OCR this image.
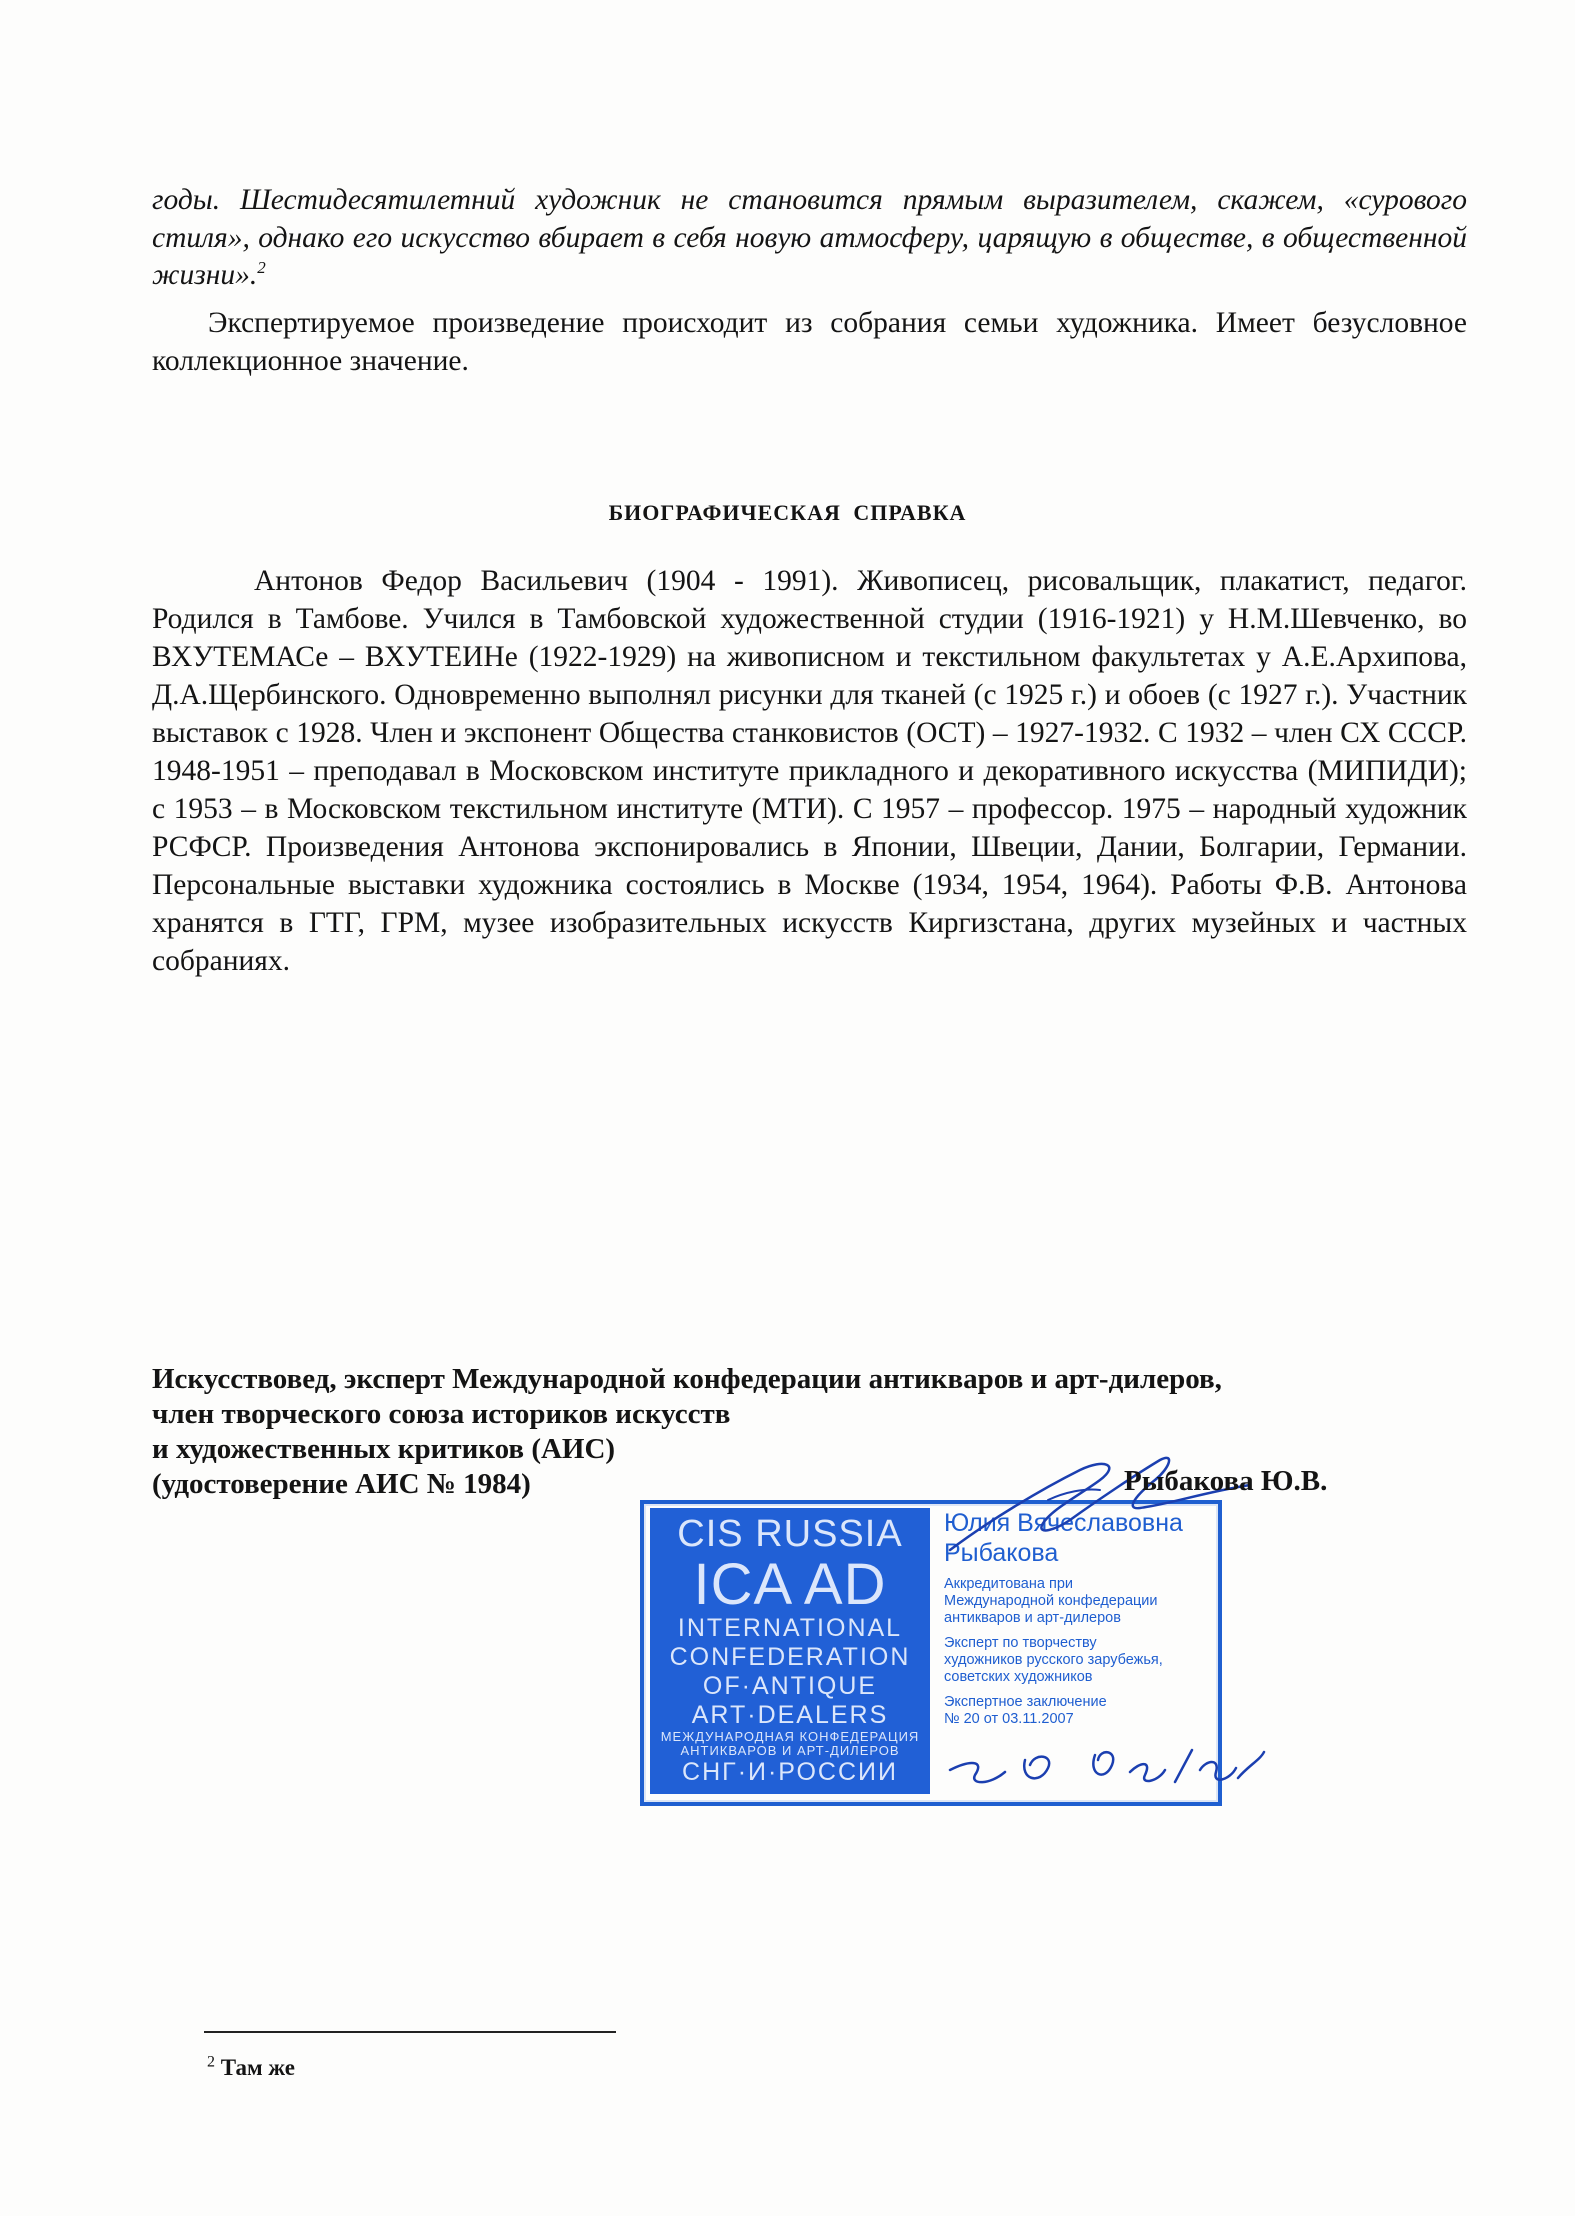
годы. Шестидесятилетний художник не становится прямым выразителем, скажем, «сурового стиля», однако его искусство вбирает в себя новую атмосферу, царящую в обществе, в общественной жизни».$^2$
Экспертируемое произведение происходит из собрания семьи художника. Имеет безусловное коллекционное значение.
БИОГРАФИЧЕСКАЯ СПРАВКА
Антонов Федор Васильевич (1904 - 1991). Живописец, рисовальщик, плакатист, педагог. Родился в Тамбове. Учился в Тамбовской художественной студии (1916-1921) у Н.М.Шевченко, во ВХУТЕМАСе – ВХУТЕИНе (1922-1929) на живописном и текстильном факультетах у А.Е.Архипова, Д.А.Щербинского. Одновременно выполнял рисунки для тканей (с 1925 г.) и обоев (с 1927 г.). Участник выставок с 1928. Член и экспонент Общества станковистов (ОСТ) – 1927-1932. С 1932 – член СХ СССР. 1948-1951 – преподавал в Московском институте прикладного и декоративного искусства (МИПИДИ); с 1953 – в Московском текстильном институте (МТИ). С 1957 – профессор. 1975 – народный художник РСФСР. Произведения Антонова экспонировались в Японии, Швеции, Дании, Болгарии, Германии. Персональные выставки художника состоялись в Москве (1934, 1954, 1964). Работы Ф.В. Антонова хранятся в ГТГ, ГРМ, музее изобразительных искусств Киргизстана, других музейных и частных собраниях.
Искусствовед, эксперт Международной конфедерации антикваров и арт-дилеров,
член творческого союза историков искусств
и художественных критиков (АИС)
(удостоверение АИС № 1984)
CIS RUSSIA
ICA AD
INTERNATIONAL
CONFEDERATION
OF·ANTIQUE
ART·DEALERS
МЕЖДУНАРОДНАЯ КОНФЕДЕРАЦИЯ
АНТИКВАРОВ И АРТ-ДИЛЕРОВ
СНГ·И·РОССИИ
Юлия Вячеславовна
Рыбакова
Аккредитована при
Международной конфедерации
антикваров и арт-дилеров
Эксперт по творчеству
художников русского зарубежья,
советских художников
Экспертное заключение
№ 20 от 03.11.2007
Рыбакова Ю.В.
$^2$ Там же
